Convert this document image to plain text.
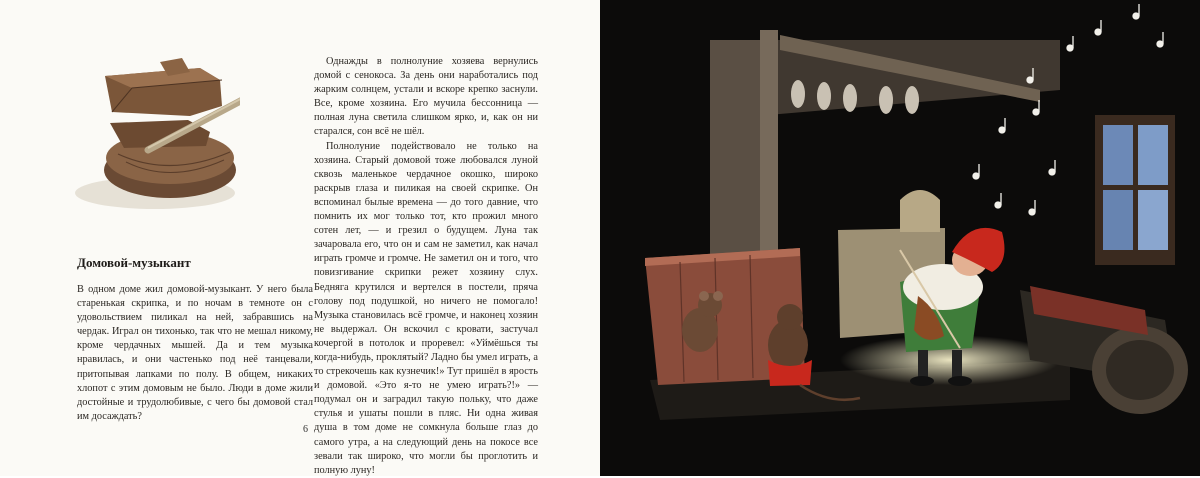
Домовой-музыкант

В одном доме жил домовой-музыкант. У него была старенькая скрипка, и по ночам в темноте он с удовольствием пиликал на ней, забравшись на чердак. Играл он тихонько, так что не мешал никому, кроме чердачных мышей. Да и тем музыка нравилась, и они частенько под неё танцевали, притопывая лапками по полу. В общем, никаких хлопот с этим домовым не было. Люди в доме жили достойные и трудолюбивые, с чего бы домовой стал им досаждать?

Однажды в полнолуние хозяева вернулись домой с сенокоса. За день они наработались под жарким солнцем, устали и вскоре крепко заснули. Все, кроме хозяина. Его мучила бессонница — полная луна светила слишком ярко, и, как он ни старался, сон всё не шёл.

Полнолуние подействовало не только на хозяина. Старый домовой тоже любовался луной сквозь маленькое чердачное окошко, широко раскрыв глаза и пиликая на своей скрипке. Он вспоминал былые времена — до того давние, что помнить их мог только тот, кто прожил много сотен лет, — и грезил о будущем. Луна так зачаровала его, что он и сам не заметил, как начал играть громче и громче. Не заметил он и того, что повизгивание скрипки режет хозяину слух. Бедняга крутился и вертелся в постели, пряча голову под подушкой, но ничего не помогало! Музыка становилась всё громче, и наконец хозяин не выдержал. Он вскочил с кровати, застучал кочергой в потолок и проревел: «Уймёшься ты когда-нибудь, проклятый? Ладно бы умел играть, а то стрекочешь как кузнечик!» Тут пришёл в ярость и домовой. «Это я-то не умею играть?!» — подумал он и заградил такую польку, что даже стулья и ушаты пошли в пляс. Ни одна живая душа в том доме не сомкнула больше глаз до самого утра, а на следующий день на покосе все зевали так широко, что могли бы проглотить и полную луну!

6
